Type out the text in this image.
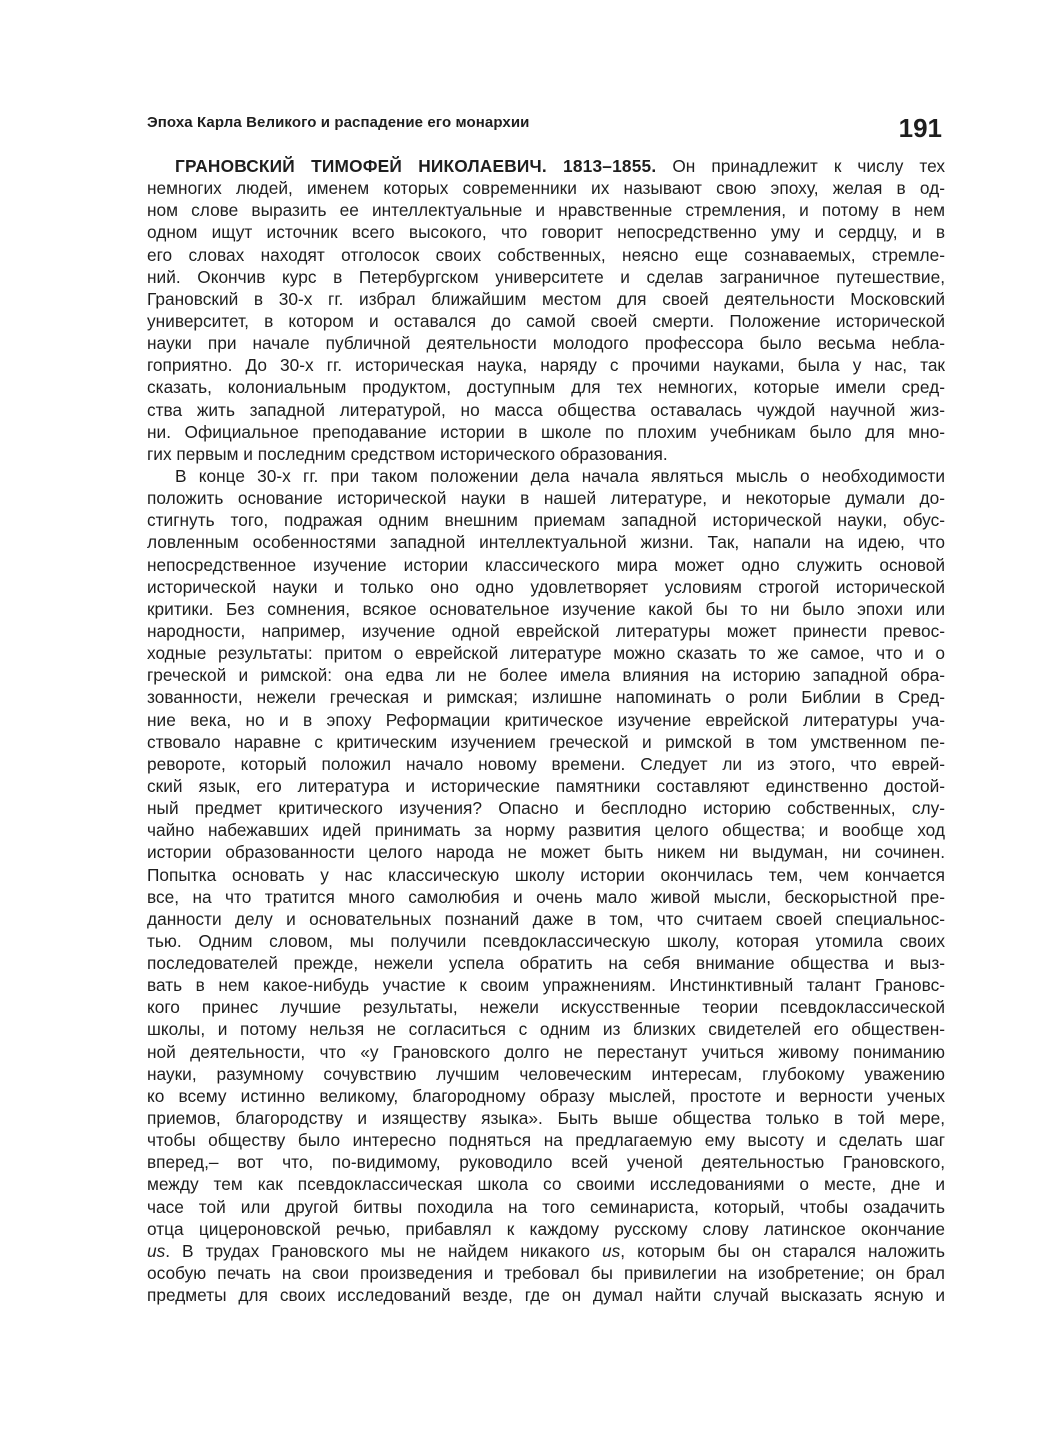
Эпоха Карла Великого и распадение его монархии	191
ГРАНОВСКИЙ ТИМОФЕЙ НИКОЛАЕВИЧ. 1813–1855. Он принадлежит к числу тех
немногих людей, именем которых современники их называют свою эпоху, желая в од-
ном слове выразить ее интеллектуальные и нравственные стремления, и потому в нем
одном ищут источник всего высокого, что говорит непосредственно уму и сердцу, и в
его словах находят отголосок своих собственных, неясно еще сознаваемых, стремле-
ний. Окончив курс в Петербургском университете и сделав заграничное путешествие,
Грановский в 30-х гг. избрал ближайшим местом для своей деятельности Московский
университет, в котором и оставался до самой своей смерти. Положение исторической
науки при начале публичной деятельности молодого профессора было весьма небла-
гоприятно. До 30-х гг. историческая наука, наряду с прочими науками, была у нас, так
сказать, колониальным продуктом, доступным для тех немногих, которые имели сред-
ства жить западной литературой, но масса общества оставалась чуждой научной жиз-
ни. Официальное преподавание истории в школе по плохим учебникам было для мно-
гих первым и последним средством исторического образования.
В конце 30-х гг. при таком положении дела начала являться мысль о необходимости
положить основание исторической науки в нашей литературе, и некоторые думали до-
стигнуть того, подражая одним внешним приемам западной исторической науки, обус-
ловленным особенностями западной интеллектуальной жизни. Так, напали на идею, что
непосредственное изучение истории классического мира может одно служить основой
исторической науки и только оно одно удовлетворяет условиям строгой исторической
критики. Без сомнения, всякое основательное изучение какой бы то ни было эпохи или
народности, например, изучение одной еврейской литературы может принести превос-
ходные результаты: притом о еврейской литературе можно сказать то же самое, что и о
греческой и римской: она едва ли не более имела влияния на историю западной обра-
зованности, нежели греческая и римская; излишне напоминать о роли Библии в Сред-
ние века, но и в эпоху Реформации критическое изучение еврейской литературы уча-
ствовало наравне с критическим изучением греческой и римской в том умственном пе-
ревороте, который положил начало новому времени. Следует ли из этого, что еврей-
ский язык, его литература и исторические памятники составляют единственно достой-
ный предмет критического изучения? Опасно и бесплодно историю собственных, слу-
чайно набежавших идей принимать за норму развития целого общества; и вообще ход
истории образованности целого народа не может быть никем ни выдуман, ни сочинен.
Попытка основать у нас классическую школу истории окончилась тем, чем кончается
все, на что тратится много самолюбия и очень мало живой мысли, бескорыстной пре-
данности делу и основательных познаний даже в том, что считаем своей специальнос-
тью. Одним словом, мы получили псевдоклассическую школу, которая утомила своих
последователей прежде, нежели успела обратить на себя внимание общества и выз-
вать в нем какое-нибудь участие к своим упражнениям. Инстинктивный талант Грановс-
кого принес лучшие результаты, нежели искусственные теории псевдоклассической
школы, и потому нельзя не согласиться с одним из близких свидетелей его обществен-
ной деятельности, что «у Грановского долго не перестанут учиться живому пониманию
науки, разумному сочувствию лучшим человеческим интересам, глубокому уважению
ко всему истинно великому, благородному образу мыслей, простоте и верности ученых
приемов, благородству и изяществу языка». Быть выше общества только в той мере,
чтобы обществу было интересно подняться на предлагаемую ему высоту и сделать шаг
вперед,– вот что, по-видимому, руководило всей ученой деятельностью Грановского,
между тем как псевдоклассическая школа со своими исследованиями о месте, дне и
часе той или другой битвы походила на того семинариста, который, чтобы озадачить
отца цицероновской речью, прибавлял к каждому русскому слову латинское окончание
us. В трудах Грановского мы не найдем никакого us, которым бы он старался наложить
особую печать на свои произведения и требовал бы привилегии на изобретение; он брал
предметы для своих исследований везде, где он думал найти случай высказать ясную и
